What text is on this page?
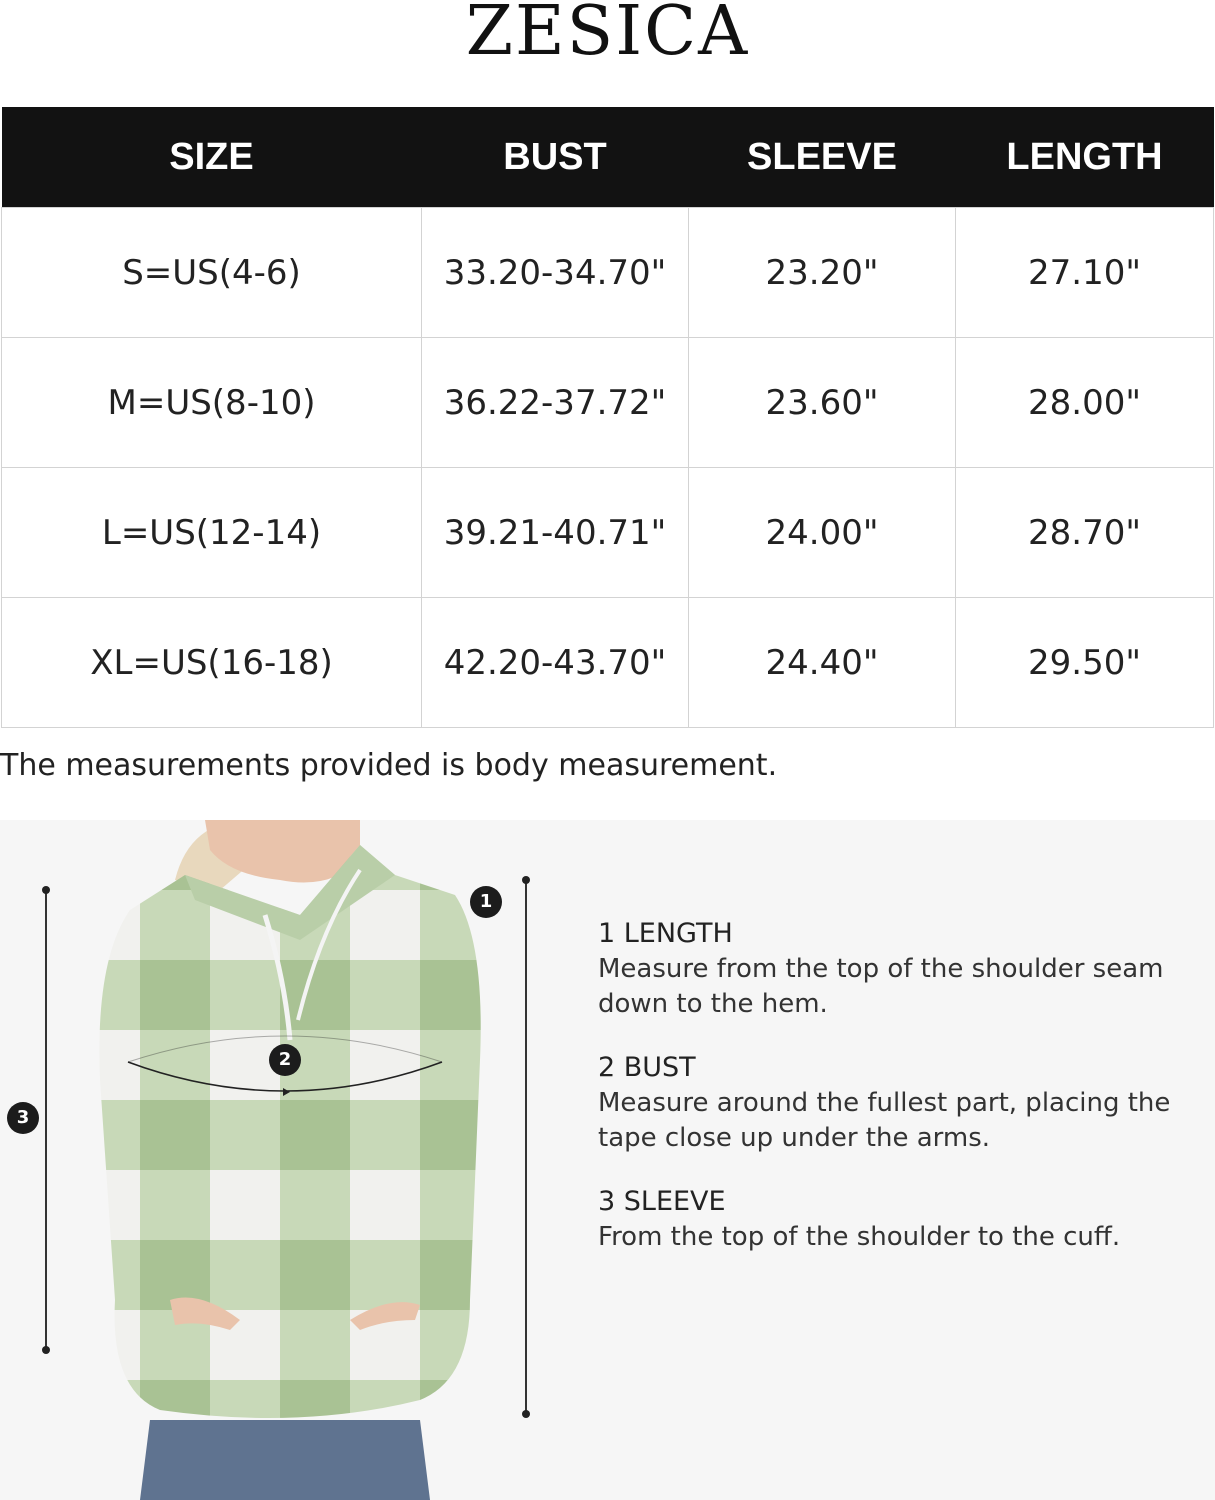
ZESICA
SIZE	BUST	SLEEVE	LENGTH
S=US(4-6)	33.20-34.70"	23.20"	27.10"
M=US(8-10)	36.22-37.72"	23.60"	28.00"
L=US(12-14)	39.21-40.71"	24.00"	28.70"
XL=US(16-18)	42.20-43.70"	24.40"	29.50"
The measurements provided is body measurement.
3
1
2
1 LENGTH
Measure from the top of the shoulder seam down to the hem.
2 BUST
Measure around the fullest part, placing the tape close up under the arms.
3 SLEEVE
From the top of the shoulder to the cuff.
